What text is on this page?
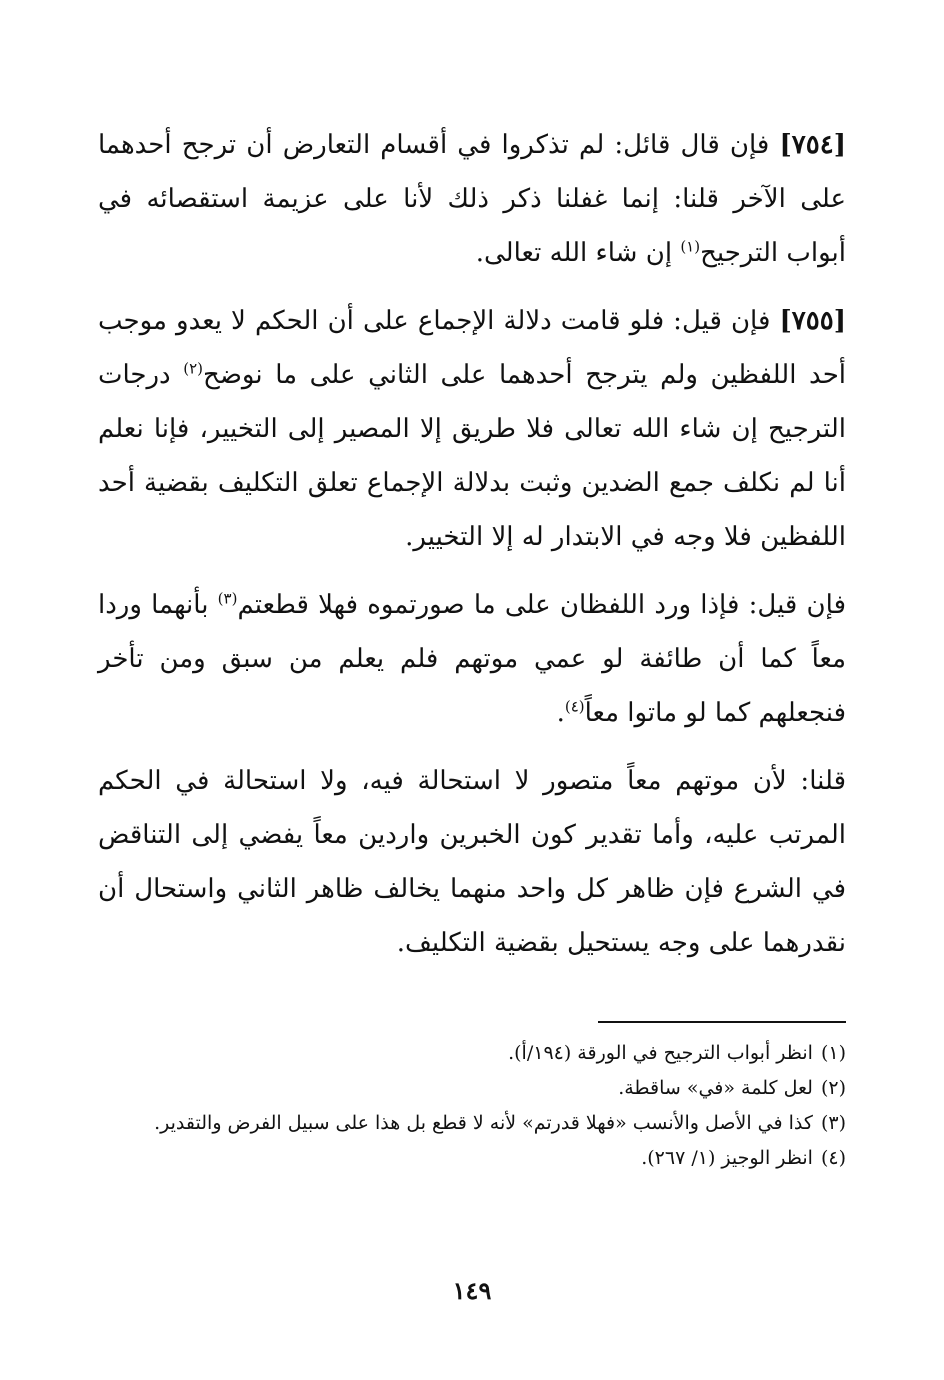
[٧٥٤] فإن قال قائل: لم تذكروا في أقسام التعارض أن ترجح أحدهما على الآخر قلنا: إنما غفلنا ذكر ذلك لأنا على عزيمة استقصائه في أبواب الترجيح$^{(١)}$ إن شاء الله تعالى.

[٧٥٥] فإن قيل: فلو قامت دلالة الإجماع على أن الحكم لا يعدو موجب أحد اللفظين ولم يترجح أحدهما على الثاني على ما نوضح$^{(٢)}$ درجات الترجيح إن شاء الله تعالى فلا طريق إلا المصير إلى التخيير، فإنا نعلم أنا لم نكلف جمع الضدين وثبت بدلالة الإجماع تعلق التكليف بقضية أحد اللفظين فلا وجه في الابتدار له إلا التخيير.

فإن قيل: فإذا ورد اللفظان على ما صورتموه فهلا قطعتم$^{(٣)}$ بأنهما وردا معاً كما أن طائفة لو عمي موتهم فلم يعلم من سبق ومن تأخر فنجعلهم كما لو ماتوا معاً$^{(٤)}$.

قلنا: لأن موتهم معاً متصور لا استحالة فيه، ولا استحالة في الحكم المرتب عليه، وأما تقدير كون الخبرين واردين معاً يفضي إلى التناقض في الشرع فإن ظاهر كل واحد منهما يخالف ظاهر الثاني واستحال أن نقدرهما على وجه يستحيل بقضية التكليف.

(١)
انظر أبواب الترجيح في الورقة (١٩٤/أ).
(٢)
لعل كلمة «في» ساقطة.
(٣)
كذا في الأصل والأنسب «فهلا قدرتم» لأنه لا قطع بل هذا على سبيل الفرض والتقدير.
(٤)
انظر الوجيز (١/ ٢٦٧).
١٤٩
